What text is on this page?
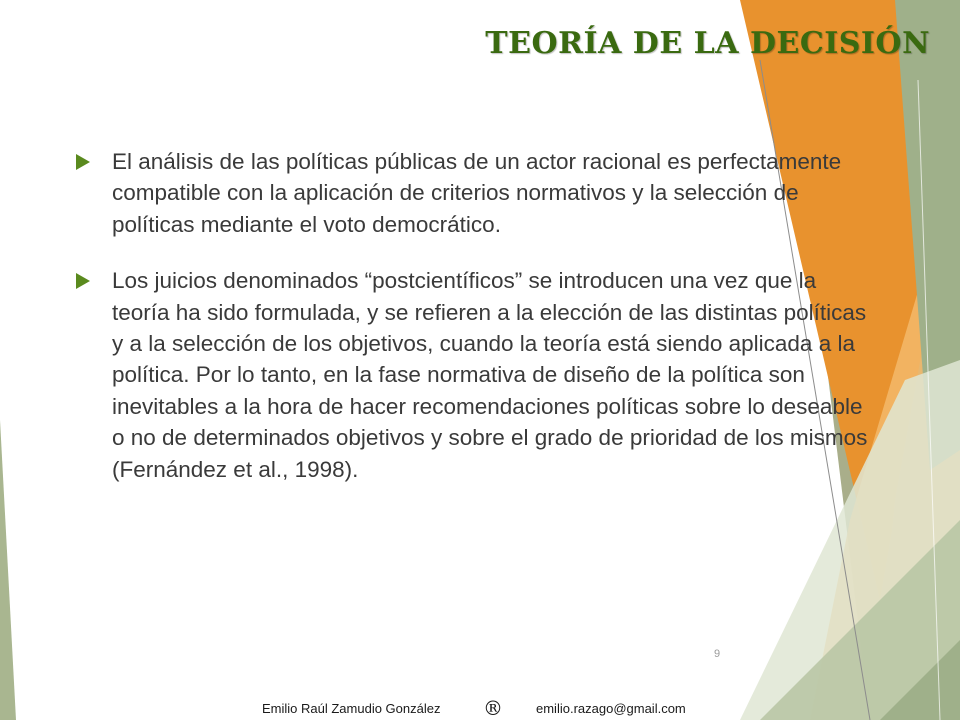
TEORÍA DE LA DECISIÓN

El análisis de las políticas públicas de un actor racional es perfectamente compatible con la aplicación de criterios normativos y la selección de políticas mediante el voto democrático.

Los juicios denominados “postcientíficos” se introducen una vez que la teoría ha sido formulada, y se refieren a la elección de las distintas políticas y a la selección de los objetivos, cuando la teoría está siendo aplicada a la política. Por lo tanto, en la fase normativa de diseño de la política son inevitables a la hora de hacer recomendaciones políticas sobre lo deseable o no de determinados objetivos y sobre el grado de prioridad de los mismos (Fernández et al., 1998).

9
Emilio Raúl Zamudio González ®	emilio.razago@gmail.com
